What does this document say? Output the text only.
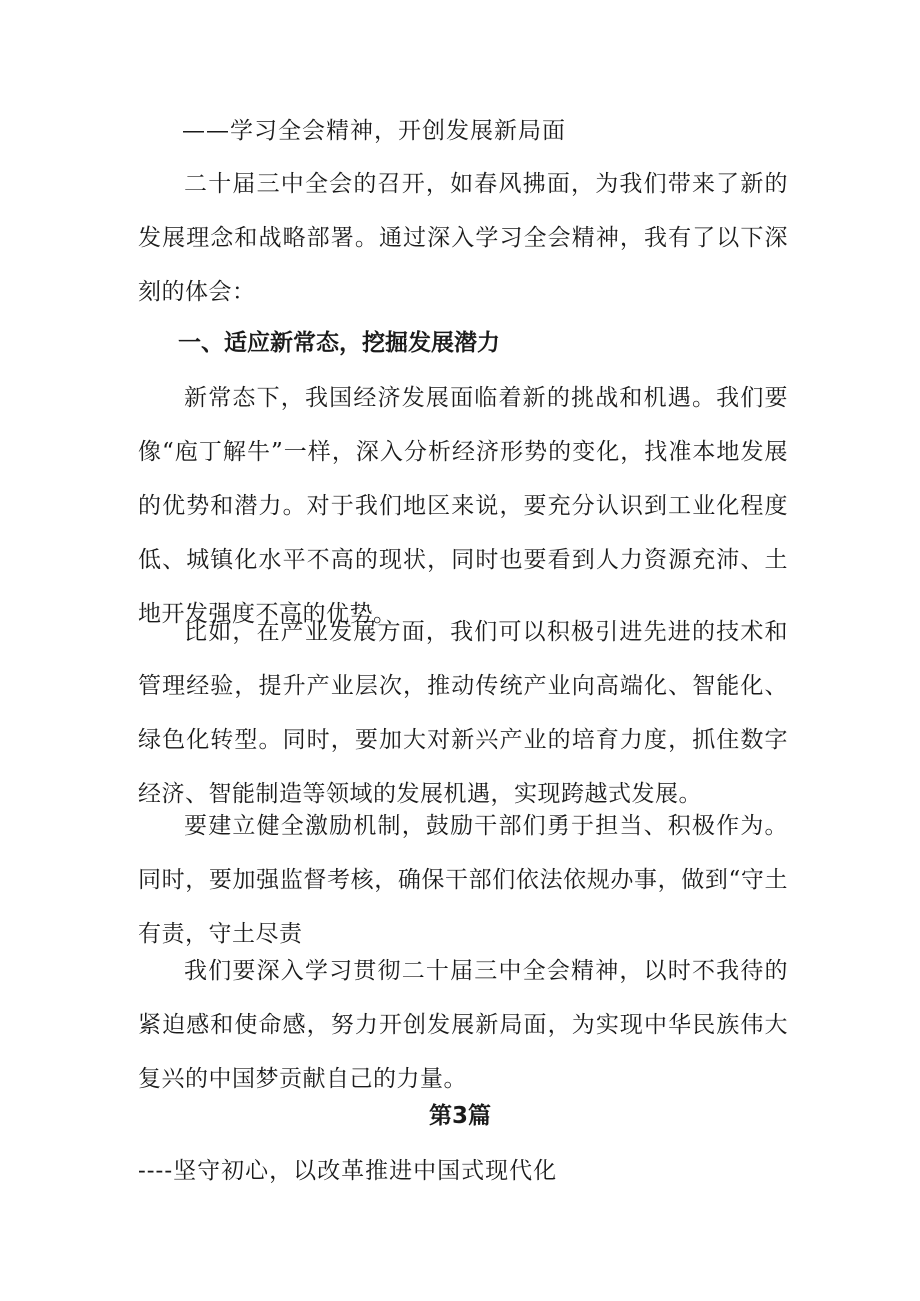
——学习全会精神，开创发展新局面

二十届三中全会的召开，如春风拂面，为我们带来了新的发展理念和战略部署。通过深入学习全会精神，我有了以下深刻的体会：

一、适应新常态，挖掘发展潜力

新常态下，我国经济发展面临着新的挑战和机遇。我们要像“庖丁解牛”一样，深入分析经济形势的变化，找准本地发展的优势和潜力。对于我们地区来说，要充分认识到工业化程度低、城镇化水平不高的现状，同时也要看到人力资源充沛、土地开发强度不高的优势。

比如，在产业发展方面，我们可以积极引进先进的技术和管理经验，提升产业层次，推动传统产业向高端化、智能化、绿色化转型。同时，要加大对新兴产业的培育力度，抓住数字经济、智能制造等领域的发展机遇，实现跨越式发展。

要建立健全激励机制，鼓励干部们勇于担当、积极作为。同时，要加强监督考核，确保干部们依法依规办事，做到“守土有责，守土尽责

我们要深入学习贯彻二十届三中全会精神，以时不我待的紧迫感和使命感，努力开创发展新局面，为实现中华民族伟大复兴的中国梦贡献自己的力量。

第3篇
----坚守初心，以改革推进中国式现代化
